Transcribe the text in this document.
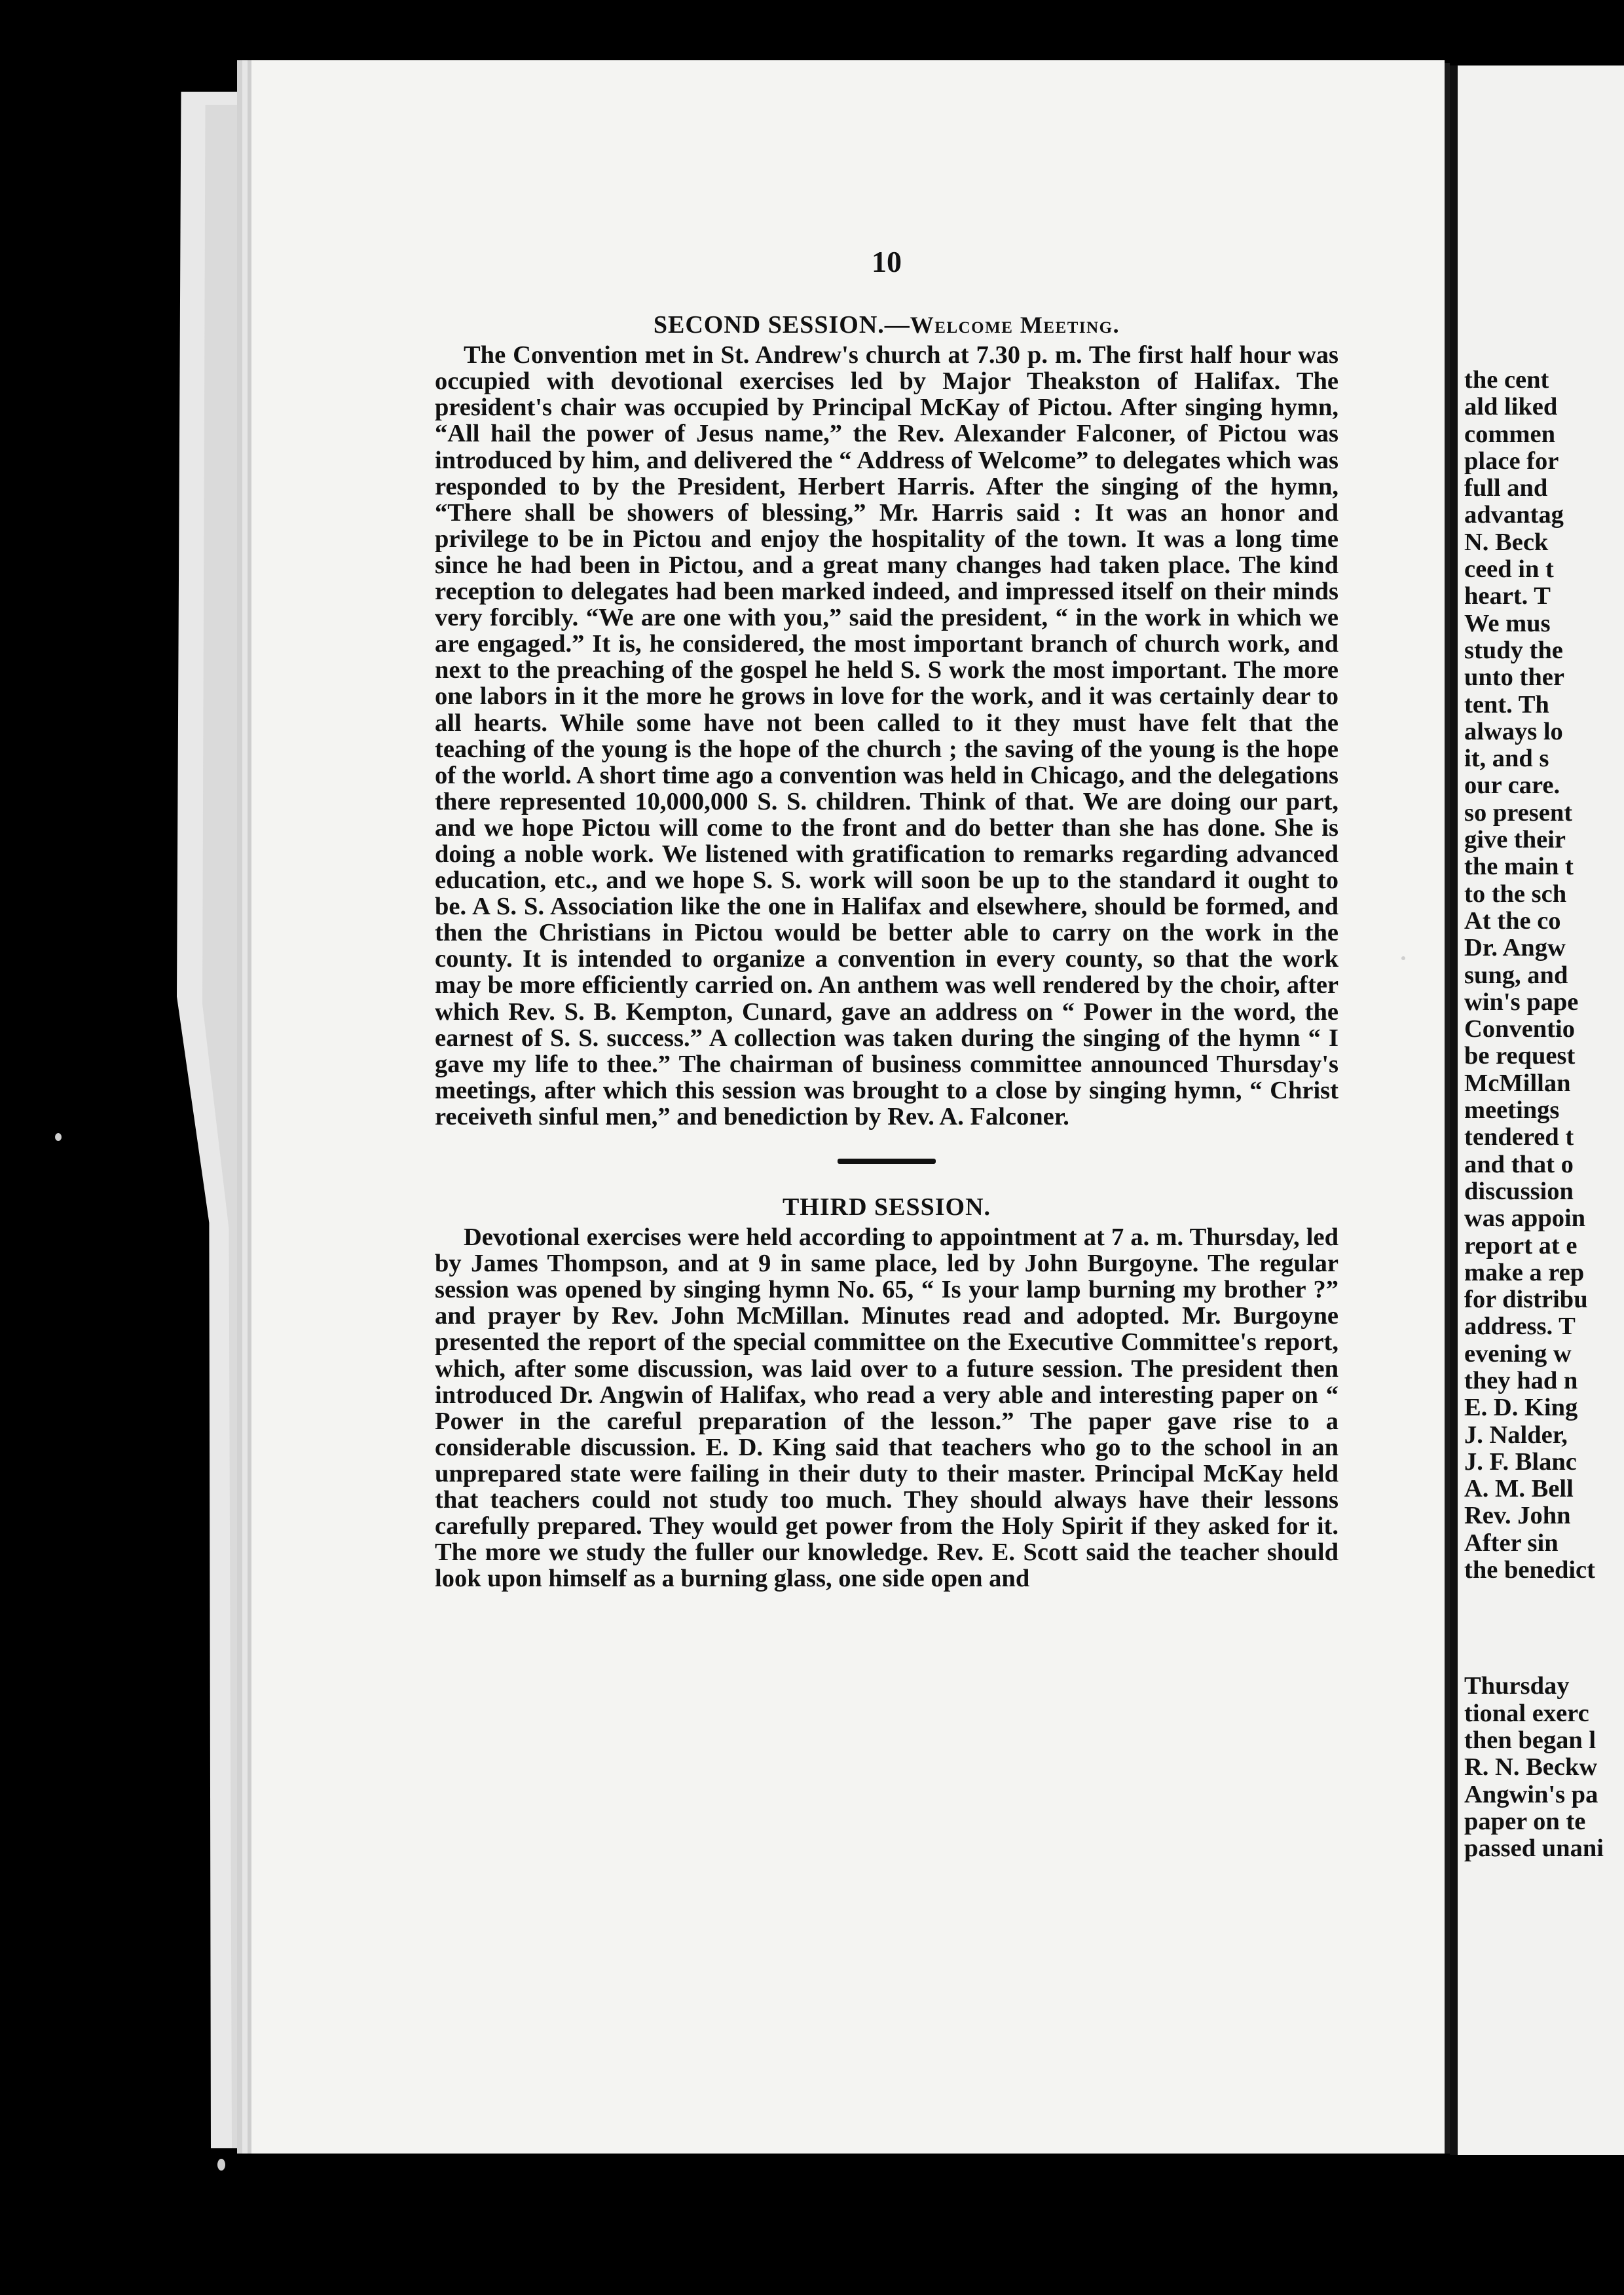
10
SECOND SESSION.—Welcome Meeting.

The Convention met in St. Andrew's church at 7.30 p. m. The first half hour was occupied with devotional exercises led by Major Theakston of Halifax. The president's chair was occupied by Principal McKay of Pictou. After singing hymn, “All hail the power of Jesus name,” the Rev. Alexander Falconer, of Pictou was introduced by him, and delivered the “ Address of Welcome” to delegates which was responded to by the President, Herbert Harris. After the singing of the hymn, “There shall be showers of blessing,” Mr. Harris said : It was an honor and privilege to be in Pictou and enjoy the hospitality of the town. It was a long time since he had been in Pictou, and a great many changes had taken place. The kind reception to delegates had been marked indeed, and impressed itself on their minds very forcibly. “We are one with you,” said the president, “ in the work in which we are engaged.” It is, he considered, the most important branch of church work, and next to the preaching of the gospel he held S. S work the most important. The more one labors in it the more he grows in love for the work, and it was certainly dear to all hearts. While some have not been called to it they must have felt that the teaching of the young is the hope of the church ; the saving of the young is the hope of the world. A short time ago a convention was held in Chicago, and the delegations there represented 10,000,000 S. S. children. Think of that. We are doing our part, and we hope Pictou will come to the front and do better than she has done. She is doing a noble work. We listened with gratification to remarks regarding advanced education, etc., and we hope S. S. work will soon be up to the standard it ought to be. A S. S. Association like the one in Halifax and elsewhere, should be formed, and then the Christians in Pictou would be better able to carry on the work in the county. It is intended to organize a convention in every county, so that the work may be more efficiently carried on. An anthem was well rendered by the choir, after which Rev. S. B. Kempton, Cunard, gave an address on “ Power in the word, the earnest of S. S. success.” A collection was taken during the singing of the hymn “ I gave my life to thee.” The chairman of business committee announced Thursday's meetings, after which this session was brought to a close by singing hymn, “ Christ receiveth sinful men,” and benediction by Rev. A. Falconer.

THIRD SESSION.

Devotional exercises were held according to appointment at 7 a. m. Thursday, led by James Thompson, and at 9 in same place, led by John Burgoyne. The regular session was opened by singing hymn No. 65, “ Is your lamp burning my brother ?” and prayer by Rev. John McMillan. Minutes read and adopted. Mr. Burgoyne presented the report of the special committee on the Executive Committee's report, which, after some discussion, was laid over to a future session. The president then introduced Dr. Angwin of Halifax, who read a very able and interesting paper on “ Power in the careful preparation of the lesson.” The paper gave rise to a considerable discussion. E. D. King said that teachers who go to the school in an unprepared state were failing in their duty to their master. Principal McKay held that teachers could not study too much. They should always have their lessons carefully prepared. They would get power from the Holy Spirit if they asked for it. The more we study the fuller our knowledge. Rev. E. Scott said the teacher should look upon himself as a burning glass, one side open and

the cent
ald liked
commen
place for
full and
advantag
N. Beck
ceed in t
heart. T
We mus
study the
unto ther
tent. Th
always lo
it, and s
our care.
so present
give their
the main t
to the sch
At the co
Dr. Angw
sung, and
win's pape
Conventio
be request
McMillan
meetings
tendered t
and that o
discussion
was appoin
report at e
make a rep
for distribu
address. T
evening w
they had n
E. D. King
J. Nalder,
J. F. Blanc
A. M. Bell
Rev. John
After sin
the benedict
Thursday
tional exerc
then began l
R. N. Beckw
Angwin's pa
paper on te
passed unani
